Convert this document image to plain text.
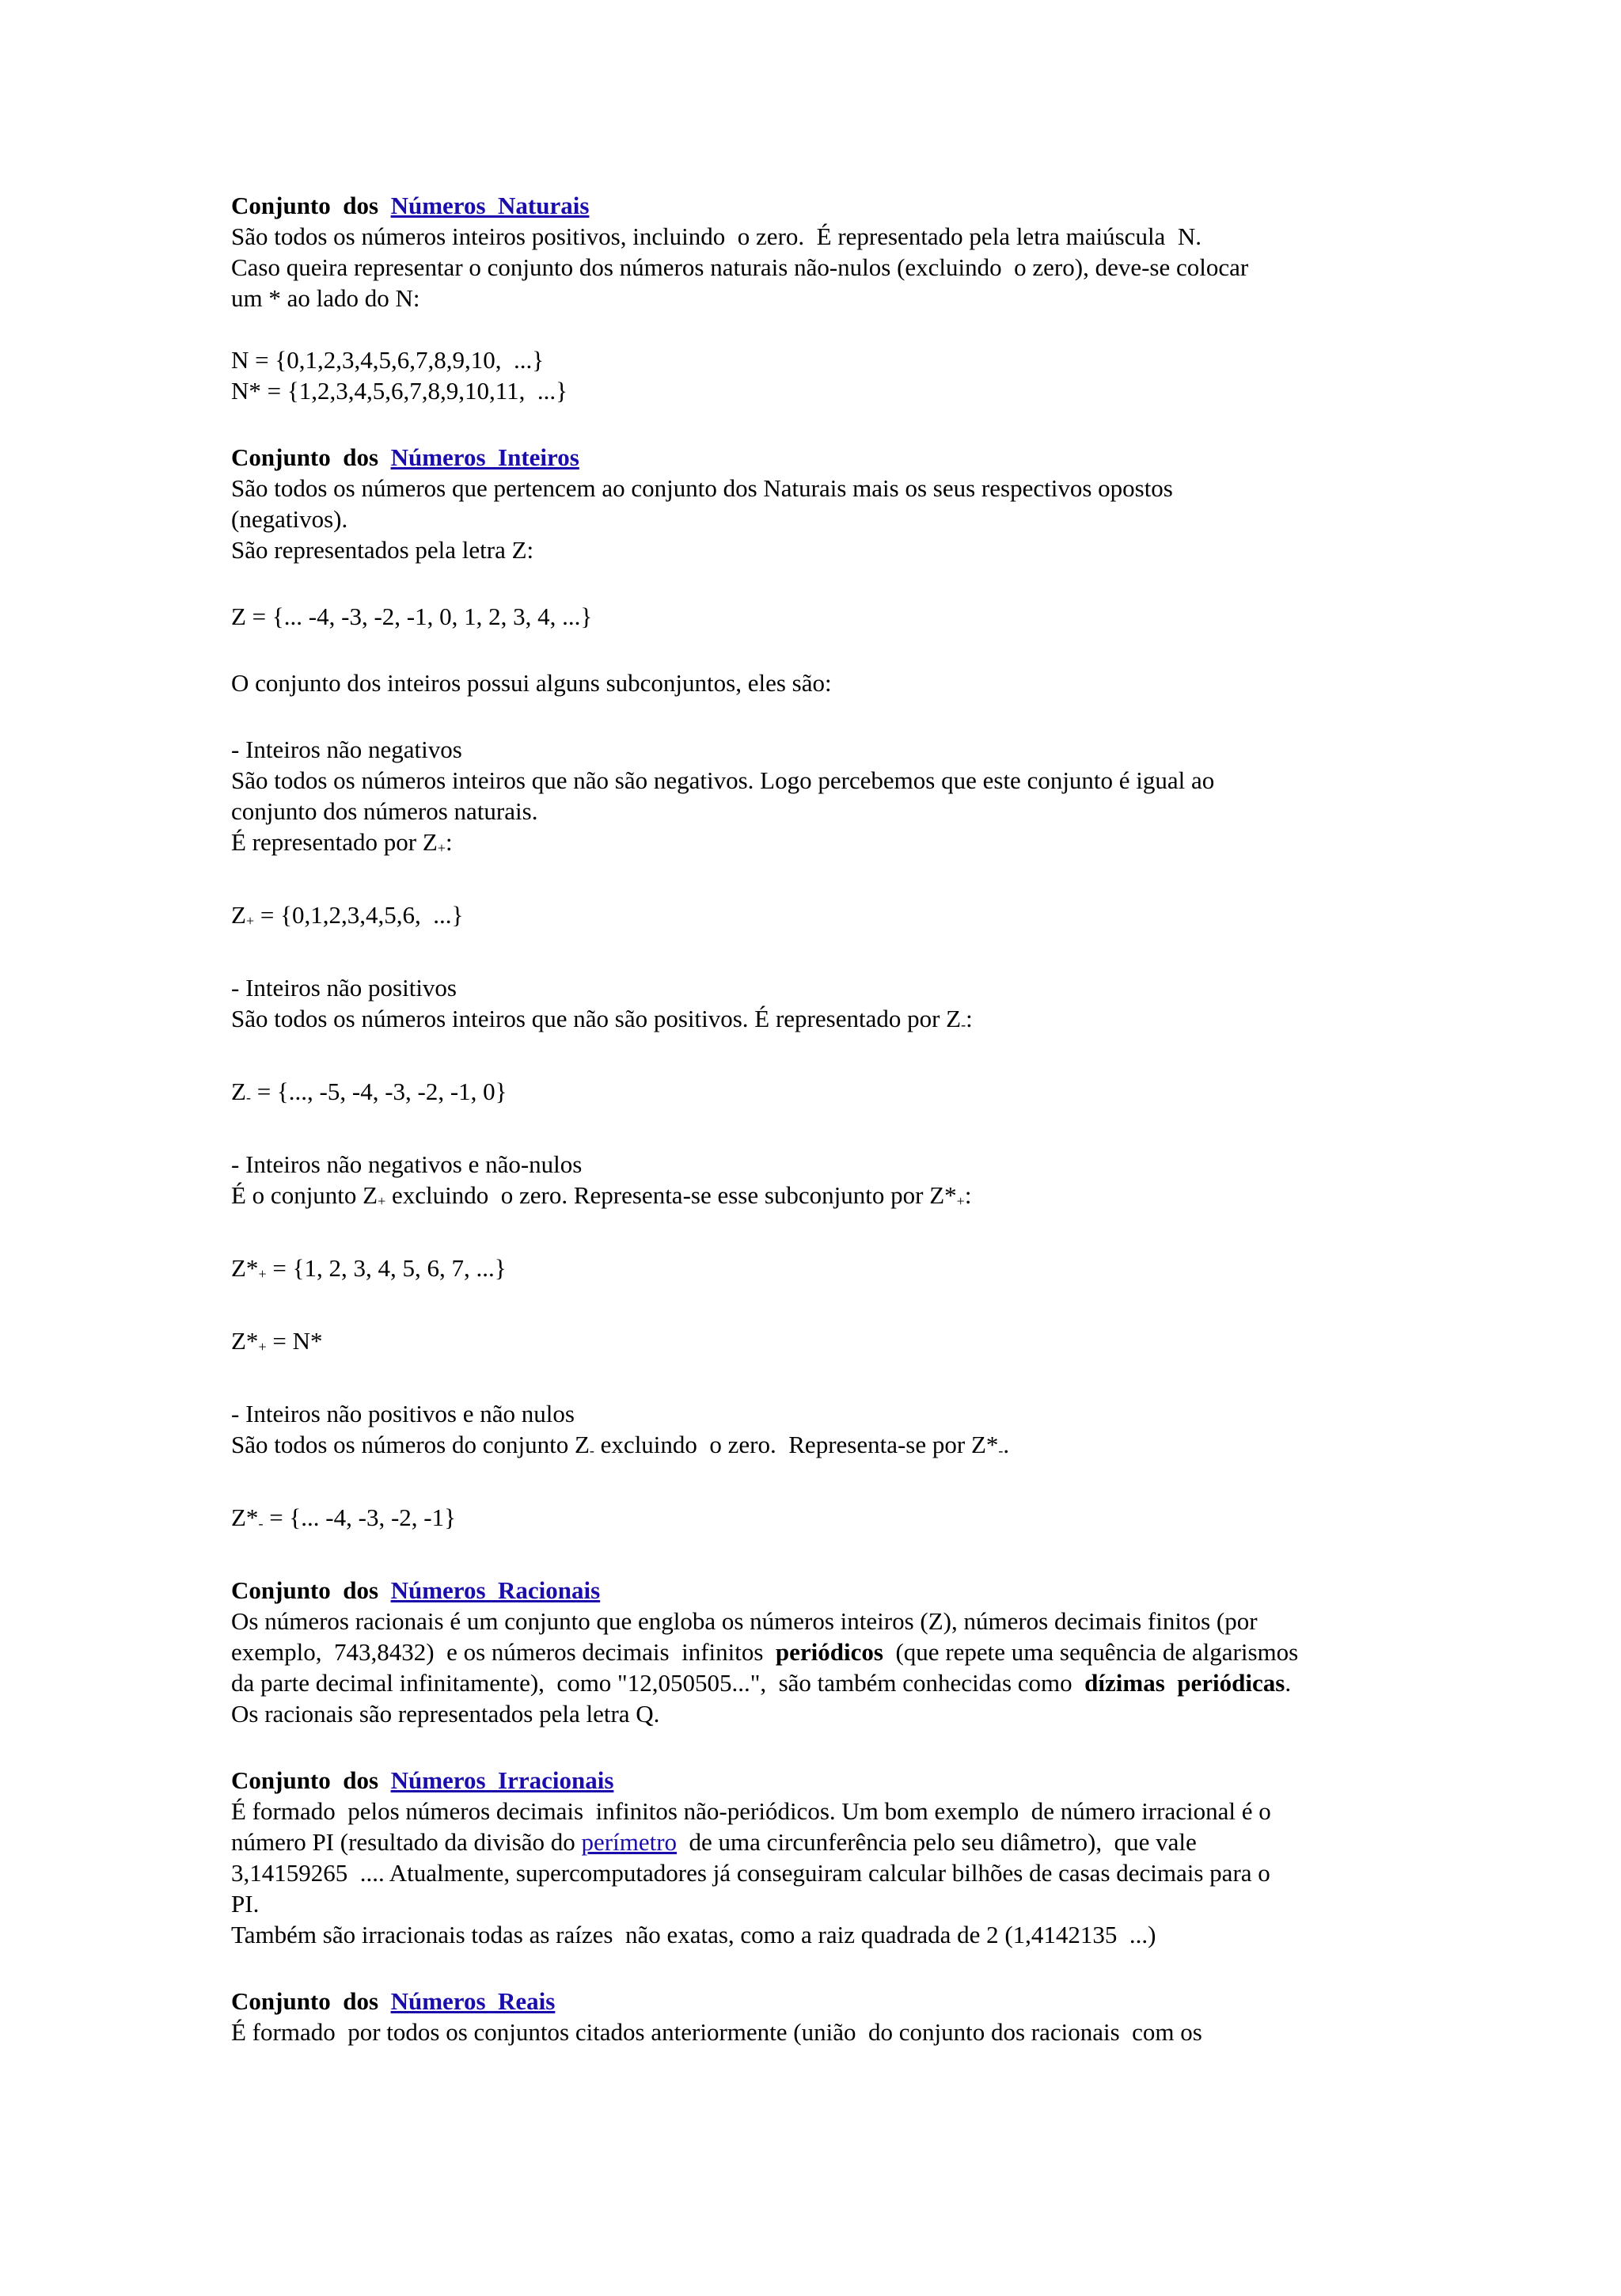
Conjunto  dos  Números  Naturais
São todos os números inteiros positivos, incluindo  o zero.  É representado pela letra maiúscula  N.
Caso queira representar o conjunto dos números naturais não-nulos (excluindo  o zero), deve-se colocar
um * ao lado do N:
N = {0,1,2,3,4,5,6,7,8,9,10,  ...}
N* = {1,2,3,4,5,6,7,8,9,10,11,  ...}
Conjunto  dos  Números  Inteiros
São todos os números que pertencem ao conjunto dos Naturais mais os seus respectivos opostos
(negativos).
São representados pela letra Z:
Z = {... -4, -3, -2, -1, 0, 1, 2, 3, 4, ...}
O conjunto dos inteiros possui alguns subconjuntos, eles são:
- Inteiros não negativos
São todos os números inteiros que não são negativos. Logo percebemos que este conjunto é igual ao
conjunto dos números naturais.
É representado por Z+:
Z+ = {0,1,2,3,4,5,6,  ...}
- Inteiros não positivos
São todos os números inteiros que não são positivos. É representado por Z-:
Z- = {..., -5, -4, -3, -2, -1, 0}
- Inteiros não negativos e não-nulos
É o conjunto Z+ excluindo  o zero. Representa-se esse subconjunto por Z*+:
Z*+ = {1, 2, 3, 4, 5, 6, 7, ...}
Z*+ = N*
- Inteiros não positivos e não nulos
São todos os números do conjunto Z- excluindo  o zero.  Representa-se por Z*-.
Z*- = {... -4, -3, -2, -1}
Conjunto  dos  Números  Racionais
Os números racionais é um conjunto que engloba os números inteiros (Z), números decimais finitos (por
exemplo,  743,8432)  e os números decimais  infinitos  periódicos  (que repete uma sequência de algarismos
da parte decimal infinitamente),  como "12,050505...",  são também conhecidas como  dízimas  periódicas.
Os racionais são representados pela letra Q.
Conjunto  dos  Números  Irracionais
É formado  pelos números decimais  infinitos não-periódicos. Um bom exemplo  de número irracional é o
número PI (resultado da divisão do perímetro  de uma circunferência pelo seu diâmetro),  que vale
3,14159265  .... Atualmente, supercomputadores já conseguiram calcular bilhões de casas decimais para o
PI.
Também são irracionais todas as raízes  não exatas, como a raiz quadrada de 2 (1,4142135  ...)
Conjunto  dos  Números  Reais
É formado  por todos os conjuntos citados anteriormente (união  do conjunto dos racionais  com os
